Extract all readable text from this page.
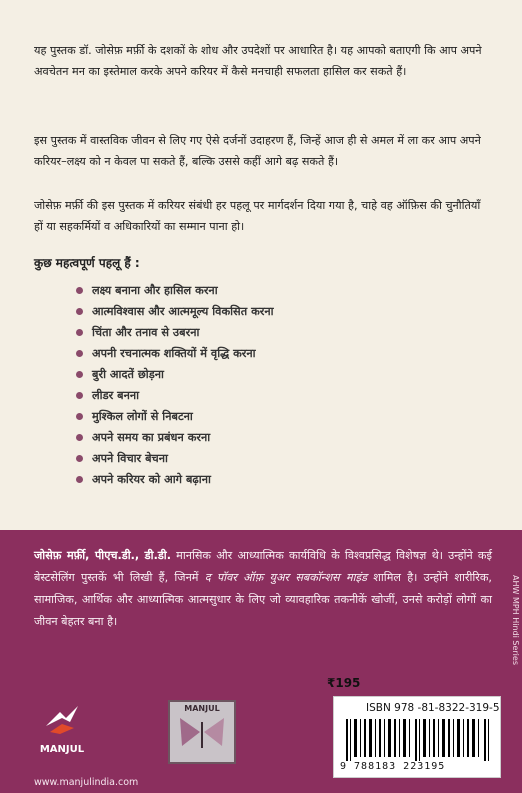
यह पुस्तक डॉ. जोसेफ़ मर्फ़ी के दशकों के शोध और उपदेशों पर आधारित है। यह आपको बताएगी कि आप अपने अवचेतन मन का इस्तेमाल करके अपने करियर में कैसे मनचाही सफलता हासिल कर सकते हैं।

इस पुस्तक में वास्तविक जीवन से लिए गए ऐसे दर्जनों उदाहरण हैं, जिन्हें आज ही से अमल में ला कर आप अपने करियर–लक्ष्य को न केवल पा सकते हैं, बल्कि उससे कहीं आगे बढ़ सकते हैं।

जोसेफ़ मर्फ़ी की इस पुस्तक में करियर संबंधी हर पहलू पर मार्गदर्शन दिया गया है, चाहे वह ऑफ़िस की चुनौतियाँ हों या सहकर्मियों व अधिकारियों का सम्मान पाना हो।

कुछ महत्वपूर्ण पहलू हैं :
लक्ष्य बनाना और हासिल करना
आत्मविश्वास और आत्ममूल्य विकसित करना
चिंता और तनाव से उबरना
अपनी रचनात्मक शक्तियों में वृद्धि करना
बुरी आदतें छोड़ना
लीडर बनना
मुश्किल लोगों से निबटना
अपने समय का प्रबंधन करना
अपने विचार बेचना
अपने करियर को आगे बढ़ाना
जोसेफ़ मर्फ़ी, पीएच.डी., डी.डी. मानसिक और आध्यात्मिक कार्यविधि के विश्वप्रसिद्ध विशेषज्ञ थे। उन्होंने कई बेस्टसेलिंग पुस्तकें भी लिखी हैं, जिनमें द पॉवर ऑफ़ युअर सबकॉन्शस माइंड शामिल है। उन्होंने शारीरिक, सामाजिक, आर्थिक और आध्यात्मिक आत्मसुधार के लिए जो व्यावहारिक तकनीकें खोजीं, उनसे करोड़ों लोगों का जीवन बेहतर बना है।
MANJUL
MANJUL
www.manjulindia.com
₹195
ISBN 978 -81-8322-319-5
9 788183 223195
AHW MPH Hindi Series
